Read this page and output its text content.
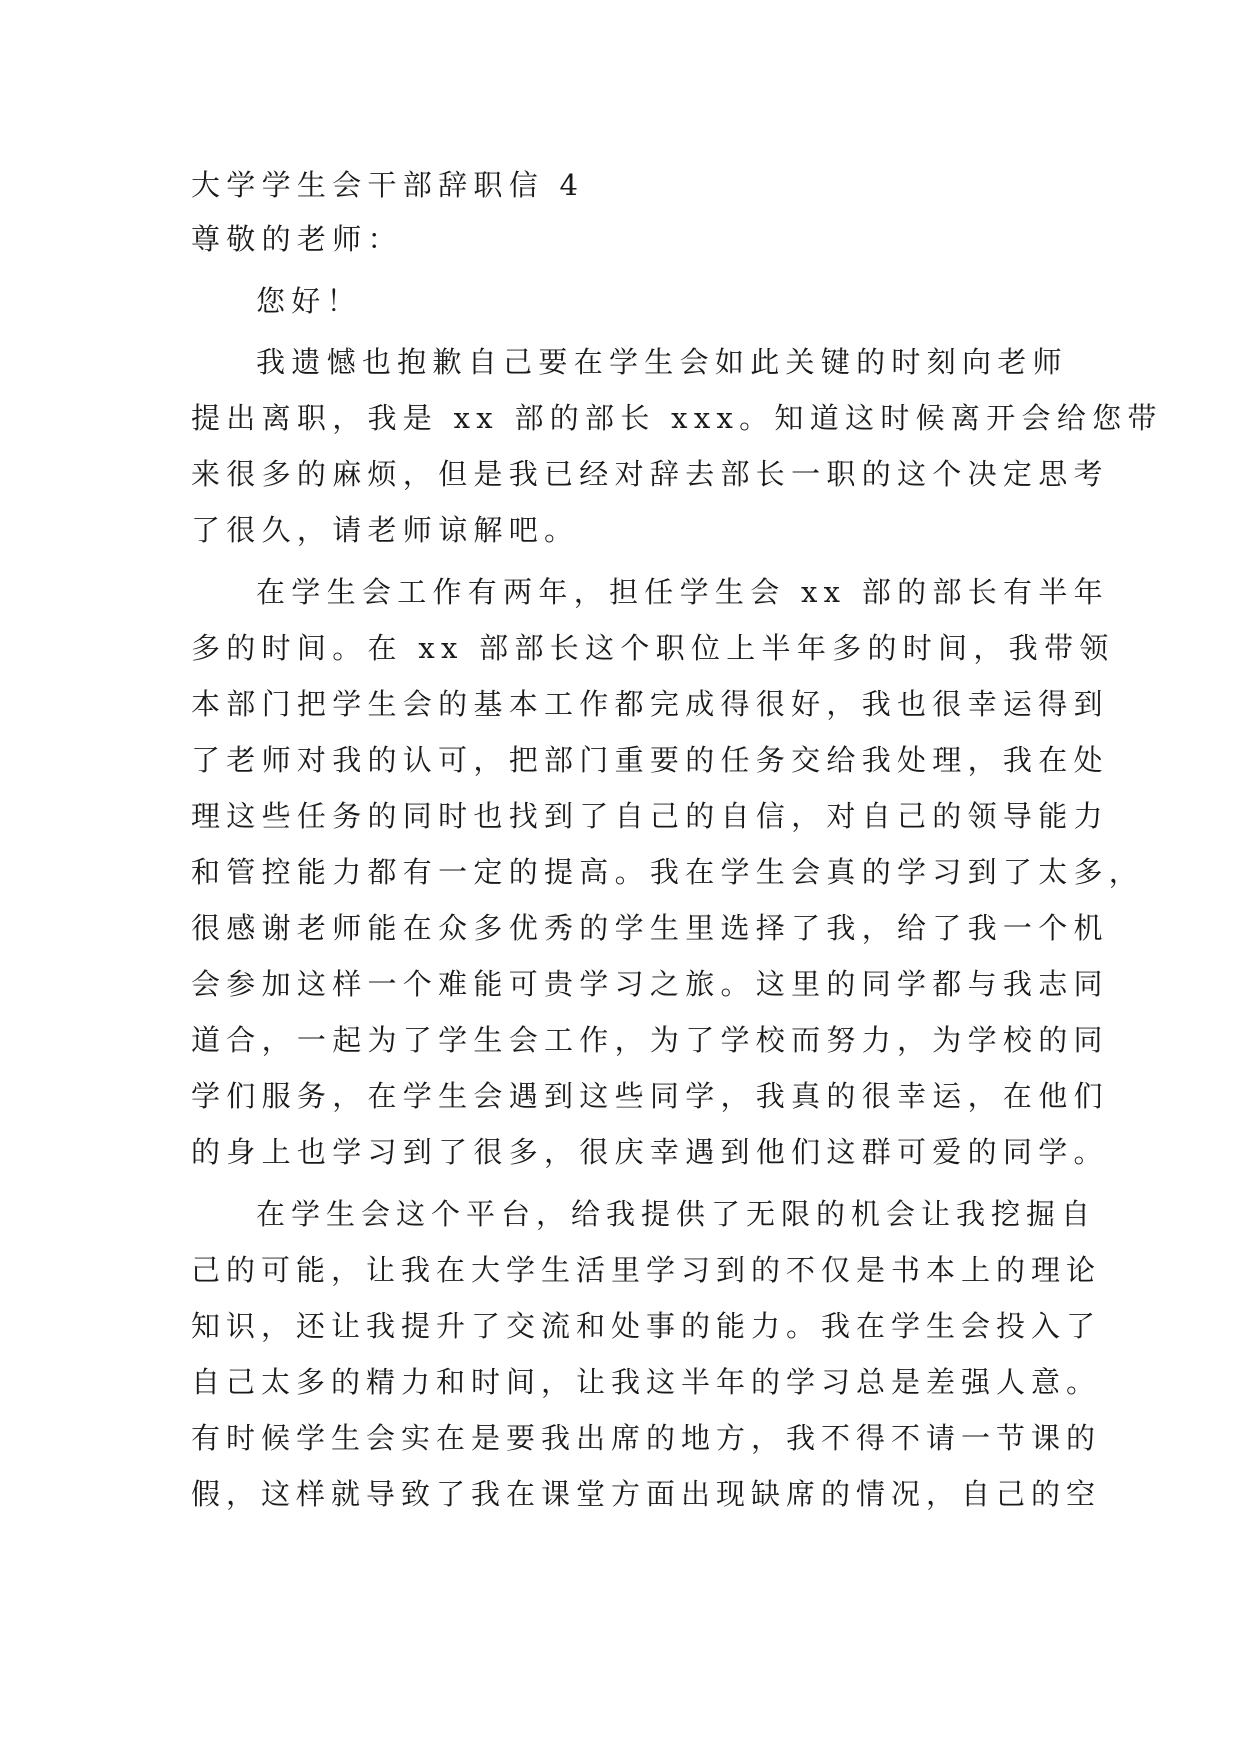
大学学生会干部辞职信 4
尊敬的老师：
您好！
我遗憾也抱歉自己要在学生会如此关键的时刻向老师
提出离职，我是 xx 部的部长 xxx。知道这时候离开会给您带
来很多的麻烦，但是我已经对辞去部长一职的这个决定思考
了很久，请老师谅解吧。
在学生会工作有两年，担任学生会 xx 部的部长有半年
多的时间。在 xx 部部长这个职位上半年多的时间，我带领
本部门把学生会的基本工作都完成得很好，我也很幸运得到
了老师对我的认可，把部门重要的任务交给我处理，我在处
理这些任务的同时也找到了自己的自信，对自己的领导能力
和管控能力都有一定的提高。我在学生会真的学习到了太多，
很感谢老师能在众多优秀的学生里选择了我，给了我一个机
会参加这样一个难能可贵学习之旅。这里的同学都与我志同
道合，一起为了学生会工作，为了学校而努力，为学校的同
学们服务，在学生会遇到这些同学，我真的很幸运，在他们
的身上也学习到了很多，很庆幸遇到他们这群可爱的同学。
在学生会这个平台，给我提供了无限的机会让我挖掘自
己的可能，让我在大学生活里学习到的不仅是书本上的理论
知识，还让我提升了交流和处事的能力。我在学生会投入了
自己太多的精力和时间，让我这半年的学习总是差强人意。
有时候学生会实在是要我出席的地方，我不得不请一节课的
假，这样就导致了我在课堂方面出现缺席的情况，自己的空
